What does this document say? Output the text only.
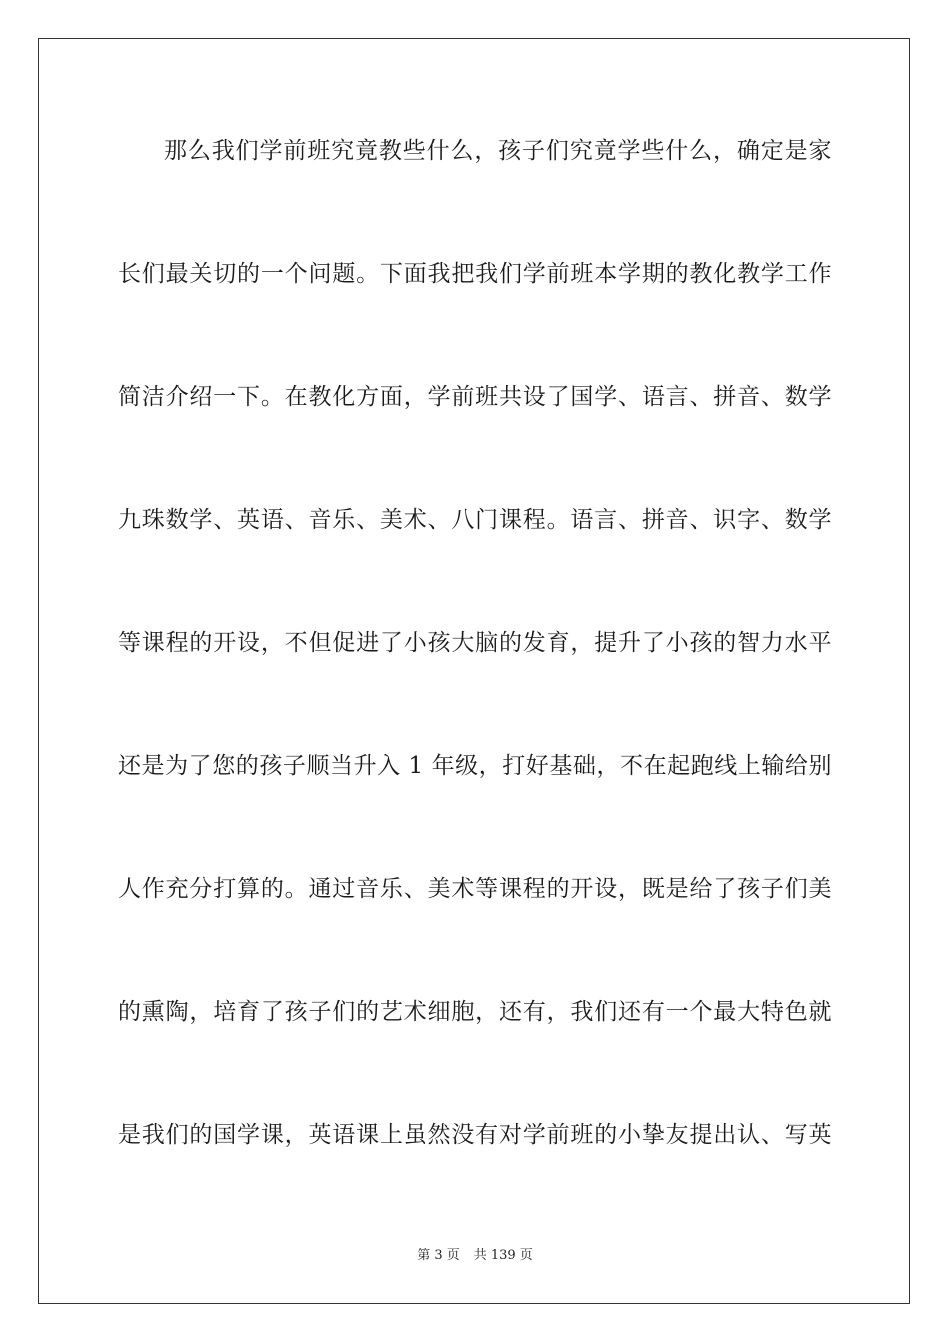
那么我们学前班究竟教些什么，孩子们究竟学些什么，确定是家
长们最关切的一个问题。下面我把我们学前班本学期的教化教学工作
简洁介绍一下。在教化方面，学前班共设了国学、语言、拼音、数学
九珠数学、英语、音乐、美术、八门课程。语言、拼音、识字、数学
等课程的开设，不但促进了小孩大脑的发育，提升了小孩的智力水平
还是为了您的孩子顺当升入 1 年级，打好基础，不在起跑线上输给别
人作充分打算的。通过音乐、美术等课程的开设，既是给了孩子们美
的熏陶，培育了孩子们的艺术细胞，还有，我们还有一个最大特色就
是我们的国学课，英语课上虽然没有对学前班的小挚友提出认、写英
第 3 页 共 139 页
